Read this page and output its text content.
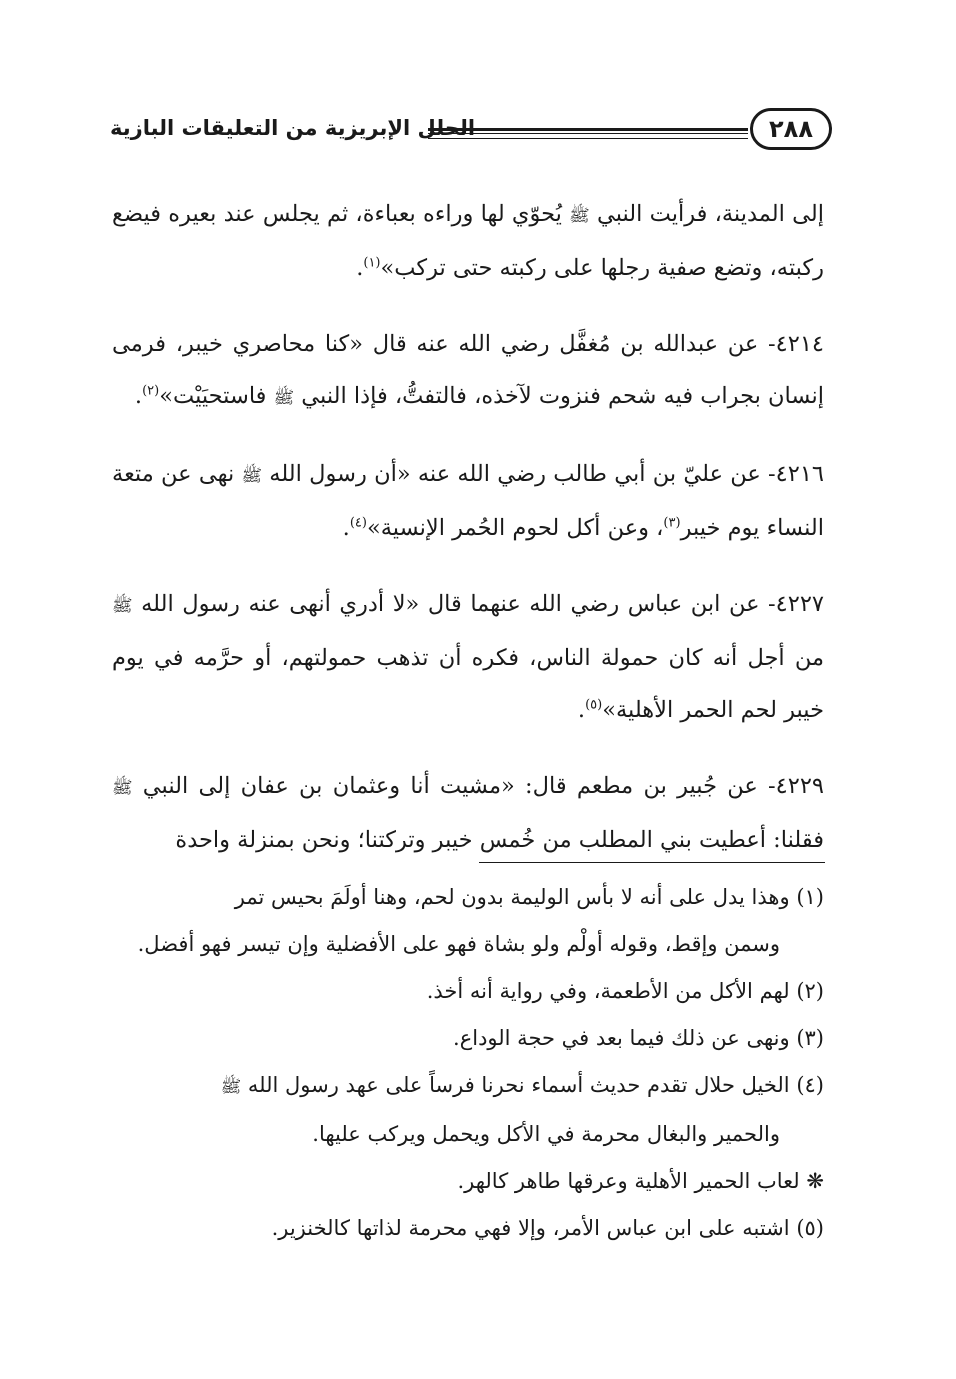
الحلل الإبريزية من التعليقات البازية	٢٨٨

إلى المدينة، فرأيت النبي ﷺ يُحوّي لها وراءه بعباءة، ثم يجلس عند بعيره فيضع ركبته، وتضع صفية رجلها على ركبته حتى تركب»$^{(١)}$.

٤٢١٤- عن عبدالله بن مُغفَّل رضي الله عنه قال «كنا محاصري خيبر، فرمى إنسان بجراب فيه شحم فنزوت لآخذه، فالتفتُّ، فإذا النبي ﷺ فاستحيَيْت»$^{(٢)}$.

٤٢١٦- عن عليّ بن أبي طالب رضي الله عنه «أن رسول الله ﷺ نهى عن متعة النساء يوم خيبر$^{(٣)}$، وعن أكل لحوم الحُمر الإنسية»$^{(٤)}$.

٤٢٢٧- عن ابن عباس رضي الله عنهما قال «لا أدري أنهى عنه رسول الله ﷺ من أجل أنه كان حمولة الناس، فكره أن تذهب حمولتهم، أو حرَّمه في يوم خيبر لحم الحمر الأهلية»$^{(٥)}$.

٤٢٢٩- عن جُبير بن مطعم قال: «مشيت أنا وعثمان بن عفان إلى النبي ﷺ فقلنا: أعطيت بني المطلب من خُمس خيبر وتركتنا؛ ونحن بمنزلة واحدة

(١) وهذا يدل على أنه لا بأس الوليمة بدون لحم، وهنا أولَمَ بحيس تمر
وسمن وإقط، وقوله أولْم ولو بشاة فهو على الأفضلية وإن تيسر فهو أفضل.

(٢) لهم الأكل من الأطعمة، وفي رواية أنه أخذ.

(٣) ونهى عن ذلك فيما بعد في حجة الوداع.

(٤) الخيل حلال تقدم حديث أسماء نحرنا فرساً على عهد رسول الله ﷺ
والحمير والبغال محرمة في الأكل ويحمل ويركب عليها.

❋ لعاب الحمير الأهلية وعرقها طاهر كالهر.

(٥) اشتبه على ابن عباس الأمر، وإلا فهي محرمة لذاتها كالخنزير.
